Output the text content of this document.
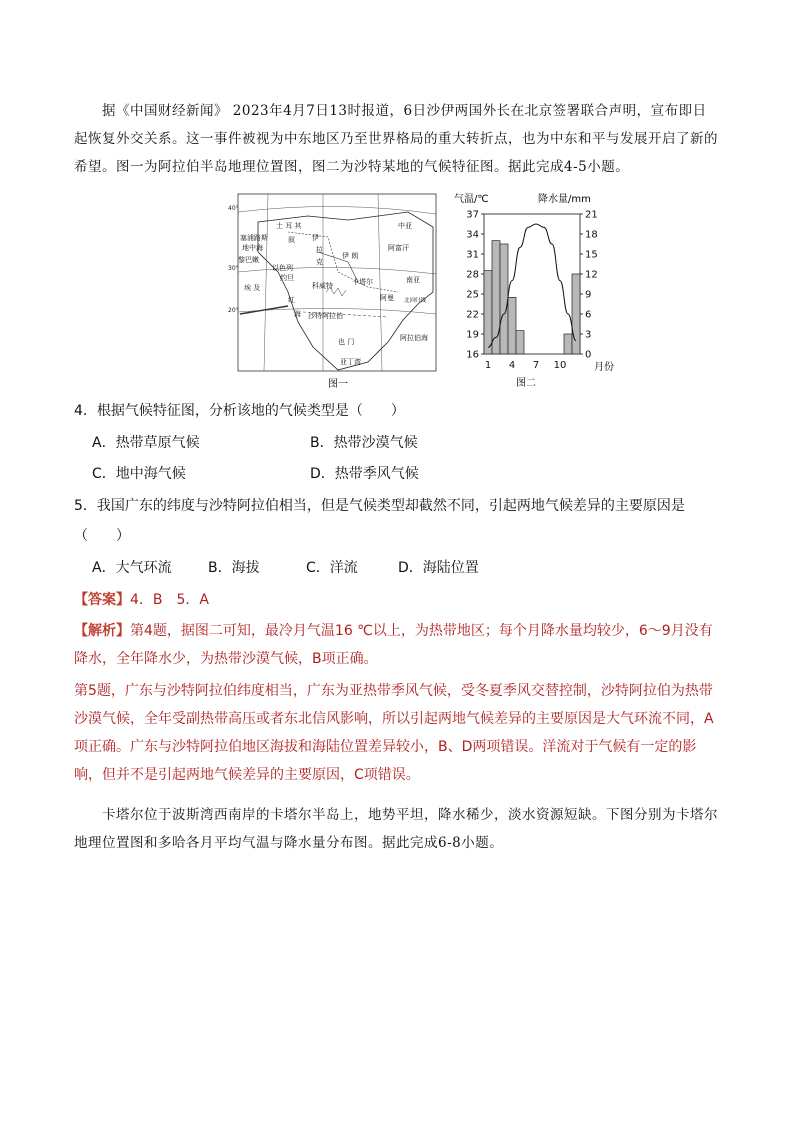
据《中国财经新闻》 2023年4月7日13时报道，6日沙伊两国外长在北京签署联合声明，宣布即日起恢复外交关系。这一事件被视为中东地区乃至世界格局的重大转折点，也为中东和平与发展开启了新的希望。图一为阿拉伯半岛地理位置图，图二为沙特某地的气候特征图。据此完成4-5小题。

40°
30°
20°
土 耳 其
塞浦路斯
地中海
黎巴嫩
叙 伊
拉
克
伊 朗
阿富汗
以色列
约旦
埃 及	科威特	卡塔尔
阿曼
沙特阿拉伯
也 门	阿拉伯海
红
海
中亚
南亚
北回归线
亚丁湾
图一
16
19
22
25
28
31
34
37
0
3
6
9
12
15
18
21
1 4 7 10
气温/℃	降水量/mm
月份
图二

4．根据气候特征图，分析该地的气候类型是（　　）

A．热带草原气候	B．热带沙漠气候
C．地中海气候	D．热带季风气候

5．我国广东的纬度与沙特阿拉伯相当，但是气候类型却截然不同，引起两地气候差异的主要原因是

（　　）

A．大气环流	B．海拔	C．洋流	D．海陆位置

【答案】4．B　5．A

【解析】第4题，据图二可知，最冷月气温16 ℃以上，为热带地区；每个月降水量均较少，6～9月没有降水，全年降水少，为热带沙漠气候，B项正确。

第5题，广东与沙特阿拉伯纬度相当，广东为亚热带季风气候，受冬夏季风交替控制，沙特阿拉伯为热带沙漠气候，全年受副热带高压或者东北信风影响，所以引起两地气候差异的主要原因是大气环流不同，A项正确。广东与沙特阿拉伯地区海拔和海陆位置差异较小，B、D两项错误。洋流对于气候有一定的影响，但并不是引起两地气候差异的主要原因，C项错误。

卡塔尔位于波斯湾西南岸的卡塔尔半岛上，地势平坦，降水稀少，淡水资源短缺。下图分别为卡塔尔地理位置图和多哈各月平均气温与降水量分布图。据此完成6-8小题。
